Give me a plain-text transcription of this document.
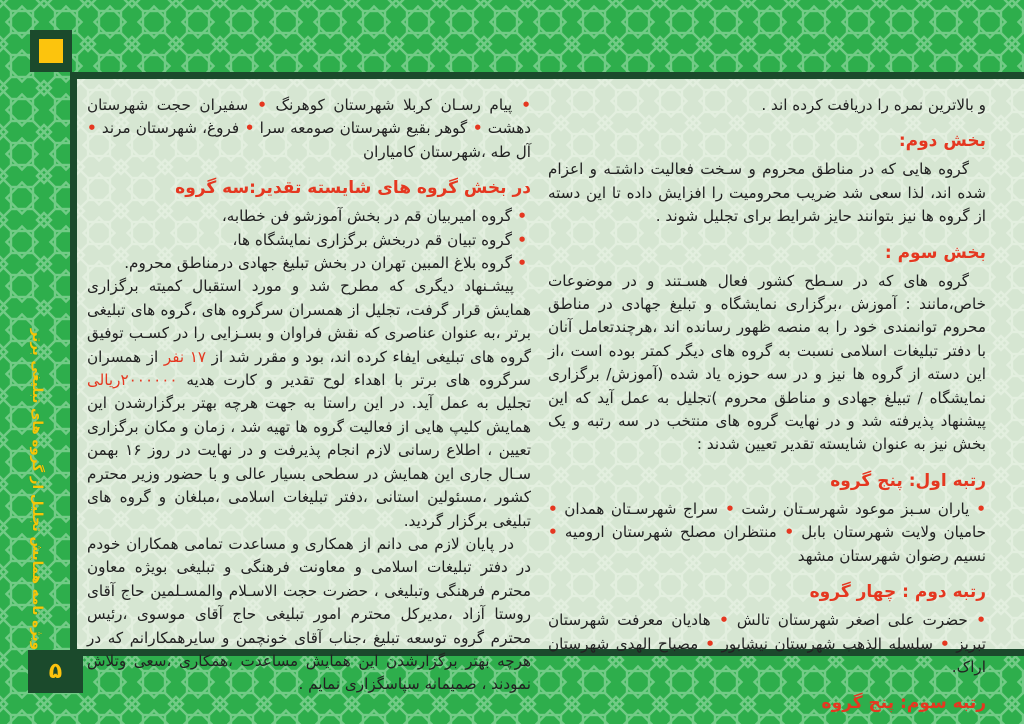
و بالاترین نمره را دریافت کرده اند .

بخش دوم:

گروه هایی که در مناطق محروم و سـخت فعالیت داشتـه و اعزام شده اند، لذا سعی شد ضریب محرومیت را افزایش داده تا این دسته از گروه ها نیز بتوانند حایز شرایط برای تجلیل شوند .

بخش سوم :

گروه های که در سـطح کشور فعال هسـتند و در موضوعات خاص،مانند : آموزش ،برگزاری نمایشگاه و تبلیغ جهادی در مناطق محروم توانمندی خود را به منصه ظهور رسانده اند ،هرچندتعامل آنان با دفتر تبلیغات اسلامی نسبت به گروه های دیگر کمتر بوده است ،از این دسته از گروه ها نیز و در سه حوزه یاد شده (آموزش/ برگزاری نمایشگاه / تبیلغ جهادی و مناطق محروم )تجلیل به عمل آید که این پیشنهاد پذیرفته شد و در نهایت گروه های منتخب در سه رتبه و یک بخش نیز به عنوان شایسته تقدیر تعیین شدند :

رتبه اول: پنج گروه

• یاران سـبز موعود شهرسـتان رشت • سراج شهرسـتان همدان • حامیان ولایت شهرستان بابل • منتظران مصلح شهرستان ارومیه • نسیم رضوان شهرستان مشهد

رتبه دوم : چهار گروه

• حضرت علی اصغر شهرستان تالش • هادیان معرفت شهرستان تبریز • سلسله الذهب شهرستان نیشابور • مصباح الهدی شهرستان اراک.

رتبه سوم: پنج گروه

• پیام رسـان کربلا شهرستان کوهرنگ • سفیران حجت شهرستان دهشت • گوهر بقیع شهرستان صومعه سرا • فروغ، شهرستان مرند • آل طه ،شهرستان کامیاران

در بخش گروه های شایسته تقدیر:سه گروه

• گروه امیربیان قم در بخش آموزشو فن خطابه،

• گروه تبیان قم دربخش برگزاری نمایشگاه ها،

• گروه بلاغ المبین تهران در بخش تبلیغ جهادی درمناطق محروم.

پیشـنهاد دیگری که مطرح شد و مورد استقبال کمیته برگزاری همایش قرار گرفت، تجلیل از همسران سرگروه های ،گروه های تبلیغی برتر ،به عنوان عناصری که نقش فراوان و بسـزایی را در کسـب توفیق گروه های تبلیغی ایفاء کرده اند، بود و مقرر شد از ۱۷ نفر از همسران سرگروه های برتر با اهداء لوح تقدیر و کارت هدیه ۲۰۰۰۰۰۰ریالی تجلیل به عمل آید. در این راستا به جهت هرچه بهتر برگزارشدن این همایش کلیپ هایی از فعالیت گروه ها تهیه شد ، زمان و مکان برگزاری تعیین ، اطلاع رسانی لازم انجام پذیرفت و در نهایت در روز ۱۶ بهمن سـال جاری این همایش در سطحی بسیار عالی و با حضور وزیر محترم کشور ،مسئولین استانی ،دفتر تبلیغات اسلامی ،مبلغان و گروه های تبلیغی برگزار گردید.

در پایان لازم می دانم از همکاری و مساعدت تمامی همکاران خودم در دفتر تبلیغات اسلامی و معاونت فرهنگی و تبلیغی بویژه معاون محترم فرهنگی وتبلیغی ، حضرت حجت الاسـلام والمسـلمین حاج آقای روستا آزاد ،مدیرکل محترم امور تبلیغی حاج آقای موسوی ،رئیس محترم گروه توسعه تبلیغ ،جناب آقای خونچمن و سایرهمکارانم که در هرچه بهتر برگزارشدن این همایش مساعدت ،همکاری ،سعی وتلاش نمودند ، صمیمانه سپاسگزاری نمایم .

ویژه نامه همایش تجلیل از گروه های تبلیغی برتر
۵
